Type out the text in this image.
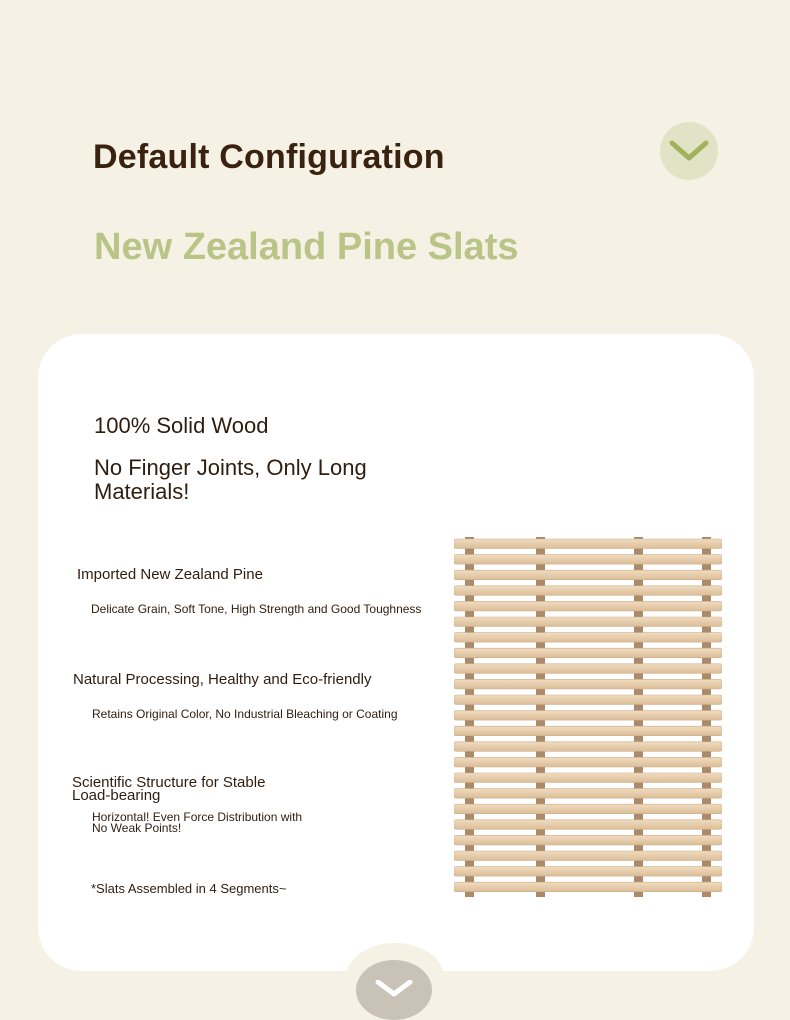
Default Configuration
New Zealand Pine Slats

100% Solid Wood

No Finger Joints, Only Long
Materials!

Imported New Zealand Pine

Delicate Grain, Soft Tone, High Strength and Good Toughness

Natural Processing, Healthy and Eco-friendly

Retains Original Color, No Industrial Bleaching or Coating

Scientific Structure for Stable
Load-bearing

Horizontal! Even Force Distribution with
No Weak Points!

*Slats Assembled in 4 Segments~
